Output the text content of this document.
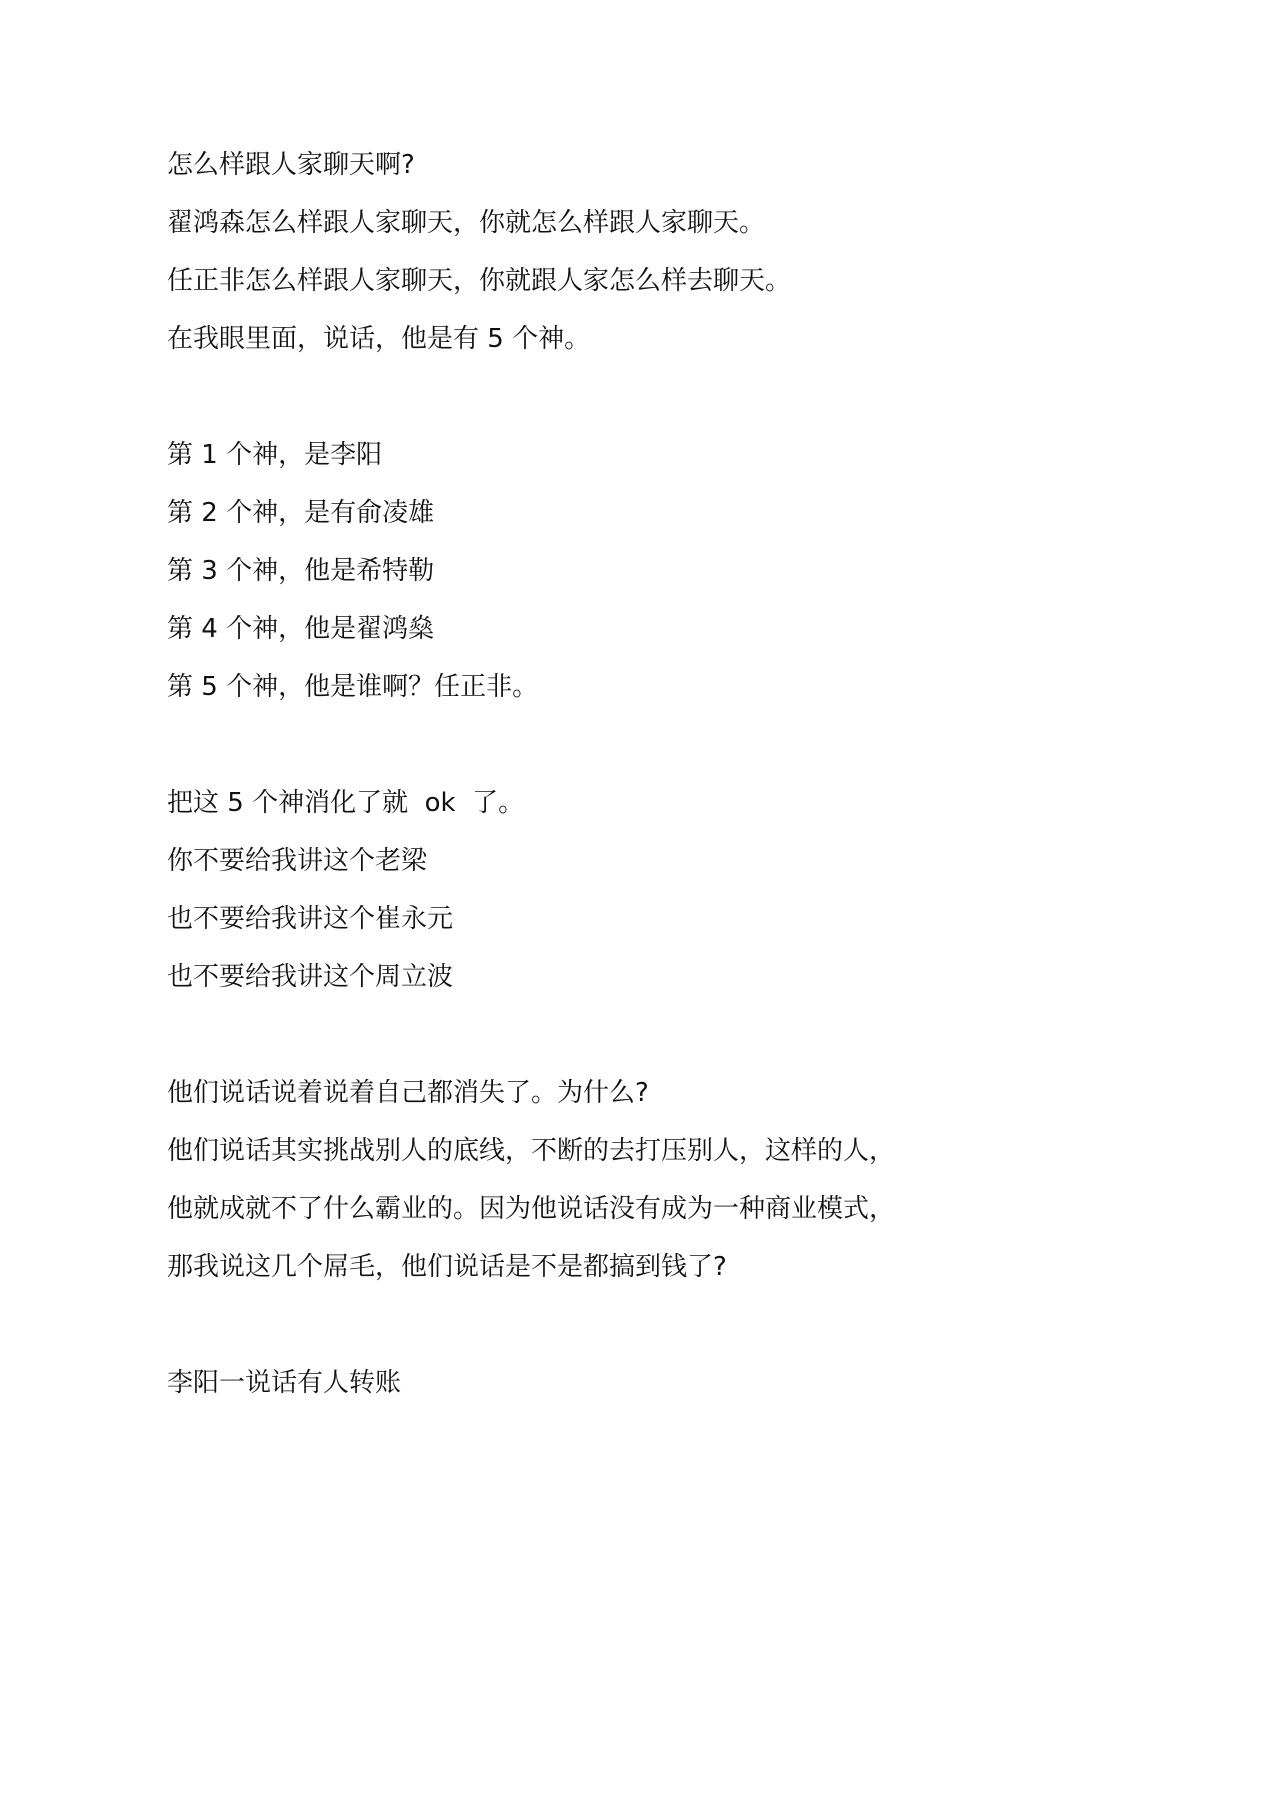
怎么样跟人家聊天啊?

翟鸿森怎么样跟人家聊天，你就怎么样跟人家聊天。

任正非怎么样跟人家聊天，你就跟人家怎么样去聊天。

在我眼里面，说话，他是有 5 个神。

第 1 个神，是李阳

第 2 个神，是有俞凌雄

第 3 个神，他是希特勒

第 4 个神，他是翟鸿燊

第 5 个神，他是谁啊？任正非。

把这 5 个神消化了就  ok  了。

你不要给我讲这个老梁

也不要给我讲这个崔永元

也不要给我讲这个周立波

他们说话说着说着自己都消失了。为什么?

他们说话其实挑战别人的底线，不断的去打压别人，这样的人，

他就成就不了什么霸业的。因为他说话没有成为一种商业模式，

那我说这几个屌毛，他们说话是不是都搞到钱了?

李阳一说话有人转账
